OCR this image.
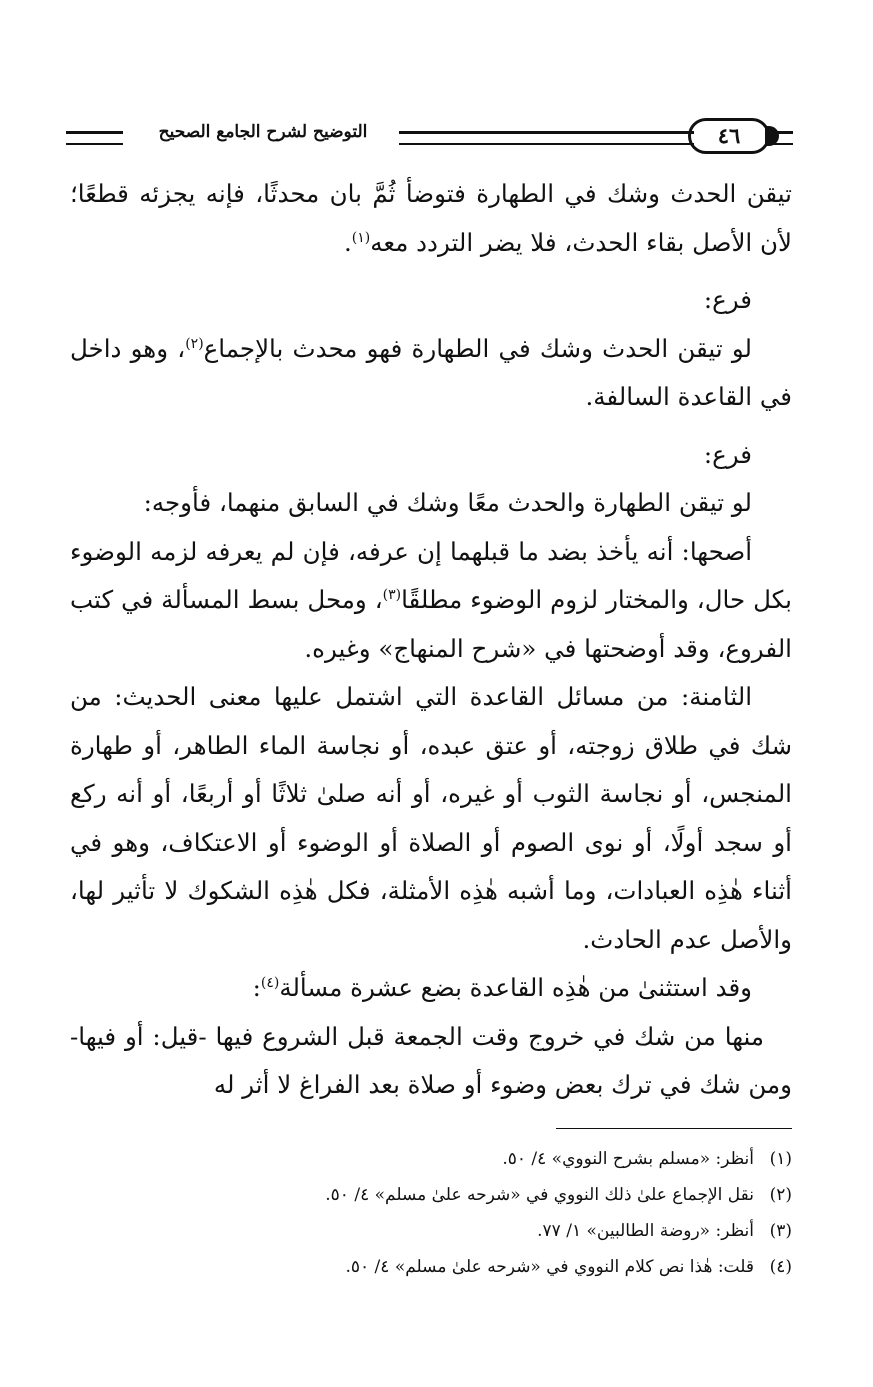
التوضيح لشرح الجامع الصحيح	٤٦

تيقن الحدث وشك في الطهارة فتوضأ ثُمَّ بان محدثًا، فإنه يجزئه قطعًا؛ لأن الأصل بقاء الحدث، فلا يضر التردد معه$^{(١)}$.

فرع:

لو تيقن الحدث وشك في الطهارة فهو محدث بالإجماع$^{(٢)}$، وهو داخل في القاعدة السالفة.

فرع:

لو تيقن الطهارة والحدث معًا وشك في السابق منهما، فأوجه:

أصحها: أنه يأخذ بضد ما قبلهما إن عرفه، فإن لم يعرفه لزمه الوضوء بكل حال، والمختار لزوم الوضوء مطلقًا$^{(٣)}$، ومحل بسط المسألة في كتب الفروع، وقد أوضحتها في «شرح المنهاج» وغيره.

الثامنة: من مسائل القاعدة التي اشتمل عليها معنى الحديث: من شك في طلاق زوجته، أو عتق عبده، أو نجاسة الماء الطاهر، أو طهارة المنجس، أو نجاسة الثوب أو غيره، أو أنه صلىٰ ثلاثًا أو أربعًا، أو أنه ركع أو سجد أولًا، أو نوى الصوم أو الصلاة أو الوضوء أو الاعتكاف، وهو في أثناء هٰذِه العبادات، وما أشبه هٰذِه الأمثلة، فكل هٰذِه الشكوك لا تأثير لها، والأصل عدم الحادث.

وقد استثنىٰ من هٰذِه القاعدة بضع عشرة مسألة$^{(٤)}$:

منها من شك في خروج وقت الجمعة قبل الشروع فيها -قيل: أو فيها- ومن شك في ترك بعض وضوء أو صلاة بعد الفراغ لا أثر له

(١)أنظر: «مسلم بشرح النووي» ٤/ ٥٠.

(٢)نقل الإجماع علىٰ ذلك النووي في «شرحه علىٰ مسلم» ٤/ ٥٠.

(٣)أنظر: «روضة الطالبين» ١/ ٧٧.

(٤)قلت: هٰذا نص كلام النووي في «شرحه علىٰ مسلم» ٤/ ٥٠.
